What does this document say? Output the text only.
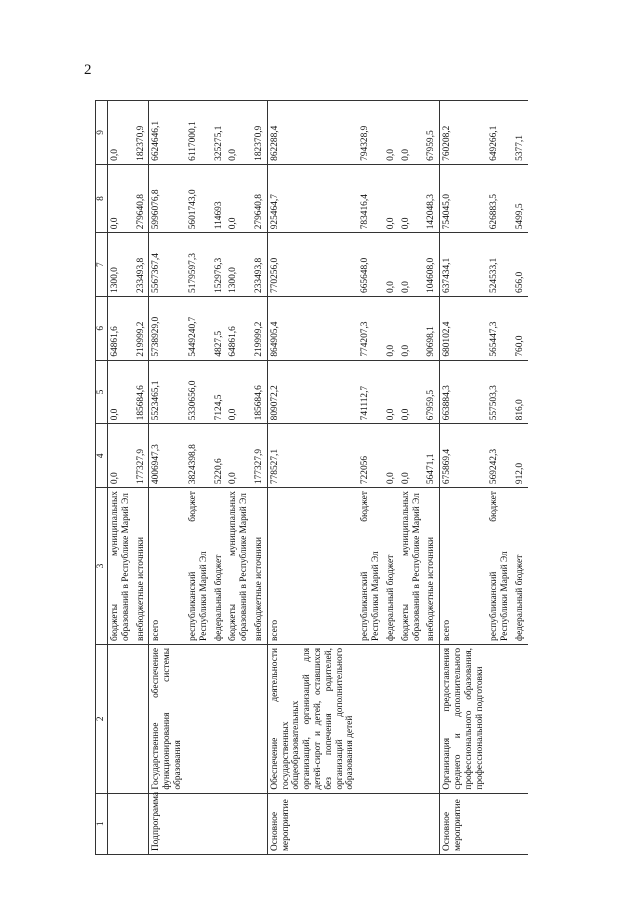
2
1	2	3	4	5	6	7	8	9
		бюджеты муниципальных образований в Республике Марий Эл	0,0	0,0	64861,6	1300,0	0,0	0,0
		внебюджетные источники	177327,9	185684,6	219999,2	233493,8	279640,8	182370,9
Подпрограмма	Государственное обеспечение функционирования системы образования	всего	4006947,3	5523465,1	5738929,0	5567367,4	5996076,8	6624646,1
		республиканский бюджет Республики Марий Эл	3824398,8	5330656,0	5449240,7	5179597,3	5601743,0	6117000,1
		федеральный бюджет	5220,6	7124,5	4827,5	152976,3	114693	325275,1
		бюджеты муниципальных образований в Республике Марий Эл	0,0	0,0	64861,6	1300,0	0,0	0,0
		внебюджетные источники	177327,9	185684,6	219999,2	233493,8	279640,8	182370,9
Основное мероприятие	Обеспечение деятельности государственных общеобразовательных организаций, организаций для детей-сирот и детей, оставшихся без попечения родителей, организаций дополнительного образования детей	всего	778527,1	809072,2	864905,4	770256,0	925464,7	862288,4
		республиканский бюджет Республики Марий Эл	722056	741112,7	774207,3	665648,0	783416,4	794328,9
		федеральный бюджет	0,0	0,0	0,0	0,0	0,0	0,0
		бюджеты муниципальных образований в Республике Марий Эл	0,0	0,0	0,0	0,0	0,0	0,0
		внебюджетные источники	56471,1	67959,5	90698,1	104608,0	142048,3	67959,5
Основное мероприятие	Организация предоставления среднего и дополнительного профессионального образования, профессиональной подготовки	всего	675869,4	663884,3	680102,4	637434,1	754045,0	760208,2
		республиканский бюджет Республики Марий Эл	569242,3	557503,3	565447,3	524533,1	626883,5	649266,1
		федеральный бюджет	912,0	816,0	760,0	656,0	5499,5	5377,1
